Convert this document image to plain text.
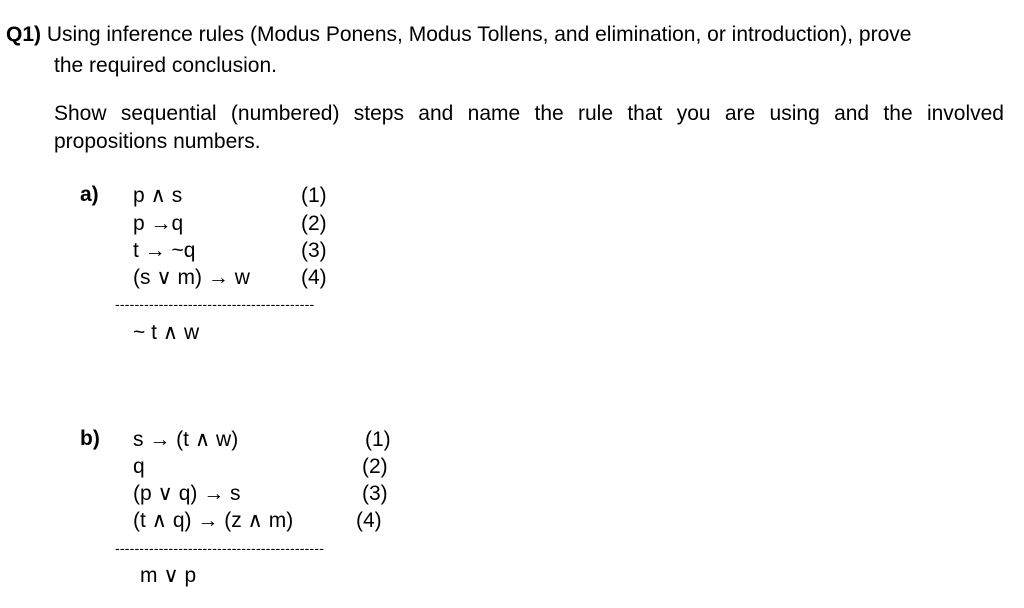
Q1) Using inference rules (Modus Ponens, Modus Tollens, and elimination, or introduction), prove
the required conclusion.
Show sequential (numbered) steps and name the rule that you are using and the involved
propositions numbers.
a) p ∧ s	(1)
p →q	(2)
t → ~q	(3)
(s ∨ m) → w (4)
-----------------------------------------
~ t ∧ w
b) s → (t ∧ w)	(1)
q	(2)
(p ∨ q) → s	(3)
(t ∧ q) → (z ∧ m)	(4)
-------------------------------------------
m ∨ p
